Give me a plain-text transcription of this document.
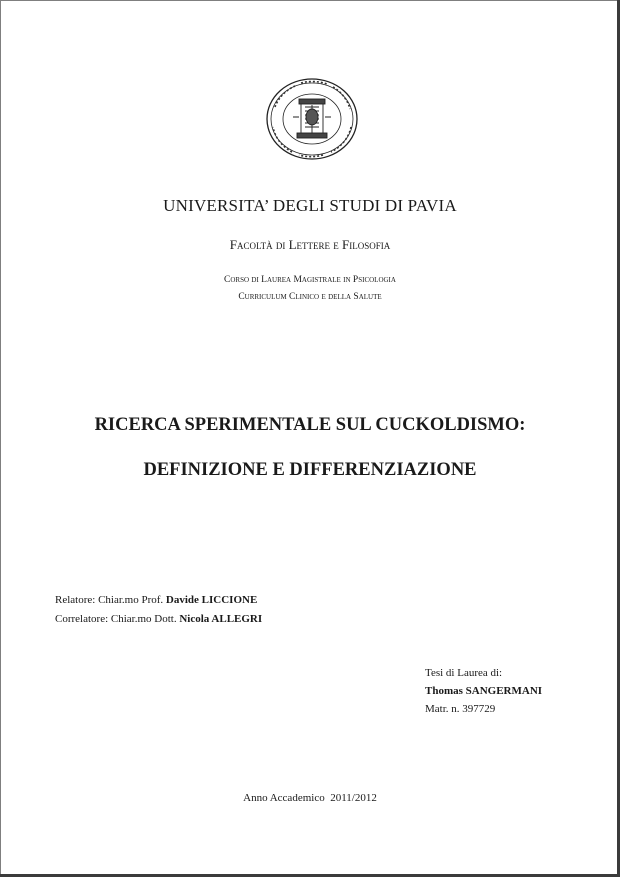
UNIVERSITA’ DEGLI STUDI DI PAVIA
Facoltà di Lettere e Filosofia
Corso di Laurea Magistrale in Psicologia
Curriculum Clinico e della Salute
RICERCA SPERIMENTALE SUL CUCKOLDISMO:
DEFINIZIONE E DIFFERENZIAZIONE
Relatore: Chiar.mo Prof. Davide LICCIONE
Correlatore: Chiar.mo Dott. Nicola ALLEGRI
Tesi di Laurea di:
Thomas SANGERMANI
Matr. n. 397729
Anno Accademico  2011/2012
